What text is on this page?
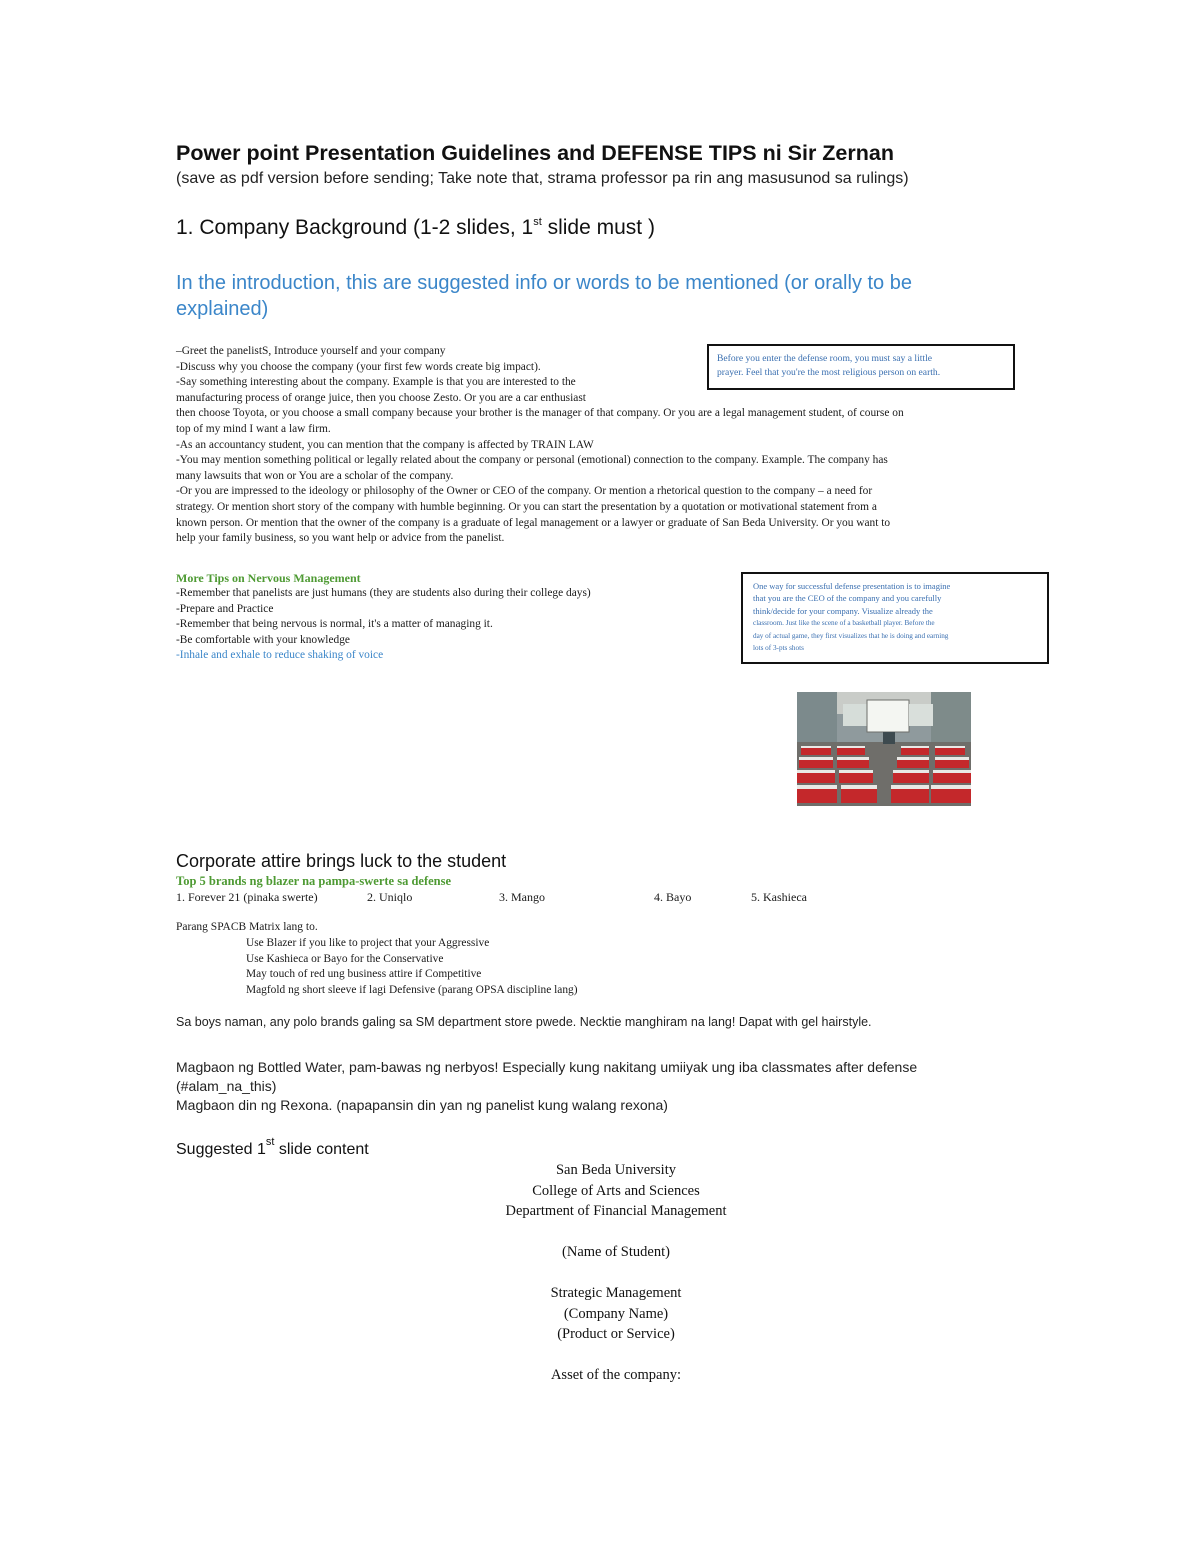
Power point Presentation Guidelines and DEFENSE TIPS ni Sir Zernan
(save as pdf version before sending; Take note that, strama professor pa rin ang masusunod sa rulings)
1. Company Background (1-2 slides, 1st slide must )
In the introduction, this are suggested info or words to be mentioned (or orally to be explained)
–Greet the panelistS, Introduce yourself and your company
-Discuss why you choose the company (your first few words create big impact).
-Say something interesting about the company. Example is that you are interested to the
manufacturing process of orange juice, then you choose Zesto. Or you are a car enthusiast
then choose Toyota, or you choose a small company because your brother is the manager of that company. Or you are a legal management student, of course on
top of my mind I want a law firm.
-As an accountancy student, you can mention that the company is affected by TRAIN LAW
-You may mention something political or legally related about the company or personal (emotional) connection to the company. Example. The company has
many lawsuits that won or You are a scholar of the company.
-Or you are impressed to the ideology or philosophy of the Owner or CEO of the company. Or mention a rhetorical question to the company – a need for
strategy. Or mention short story of the company with humble beginning. Or you can start the presentation by a quotation or motivational statement from a
known person. Or mention that the owner of the company is a graduate of legal management or a lawyer or graduate of San Beda University. Or you want to
help your family business, so you want help or advice from the panelist.
Before you enter the defense room, you must say a little
prayer. Feel that you're the most religious person on earth.
More Tips on Nervous Management
-Remember that panelists are just humans (they are students also during their college days)
-Prepare and Practice
-Remember that being nervous is normal, it's a matter of managing it.
-Be comfortable with your knowledge
-Inhale and exhale to reduce shaking of voice
One way for successful defense presentation is to imagine
that you are the CEO of the company and you carefully
think/decide for your company. Visualize already the
classroom. Just like the scene of a basketball player. Before the
day of actual game, they first visualizes that he is doing and earning
lots of 3-pts shots
Corporate attire brings luck to the student
Top 5 brands ng blazer na pampa-swerte sa defense
1. Forever 21 (pinaka swerte)	2. Uniqlo	3. Mango	4. Bayo	5. Kashieca
Parang SPACB Matrix lang to.
Use Blazer if you like to project that your Aggressive
Use Kashieca or Bayo for the Conservative
May touch of red ung business attire if Competitive
Magfold ng short sleeve if lagi Defensive (parang OPSA discipline lang)
Sa boys naman, any polo brands galing sa SM department store pwede. Necktie manghiram na lang! Dapat with gel hairstyle.
Magbaon ng Bottled Water, pam-bawas ng nerbyos! Especially kung nakitang umiiyak ung iba classmates after defense
(#alam_na_this)
Magbaon din ng Rexona. (napapansin din yan ng panelist kung walang rexona)
Suggested 1st slide content
San Beda University
College of Arts and Sciences
Department of Financial Management
(Name of Student)
Strategic Management
(Company Name)
(Product or Service)
Asset of the company:
